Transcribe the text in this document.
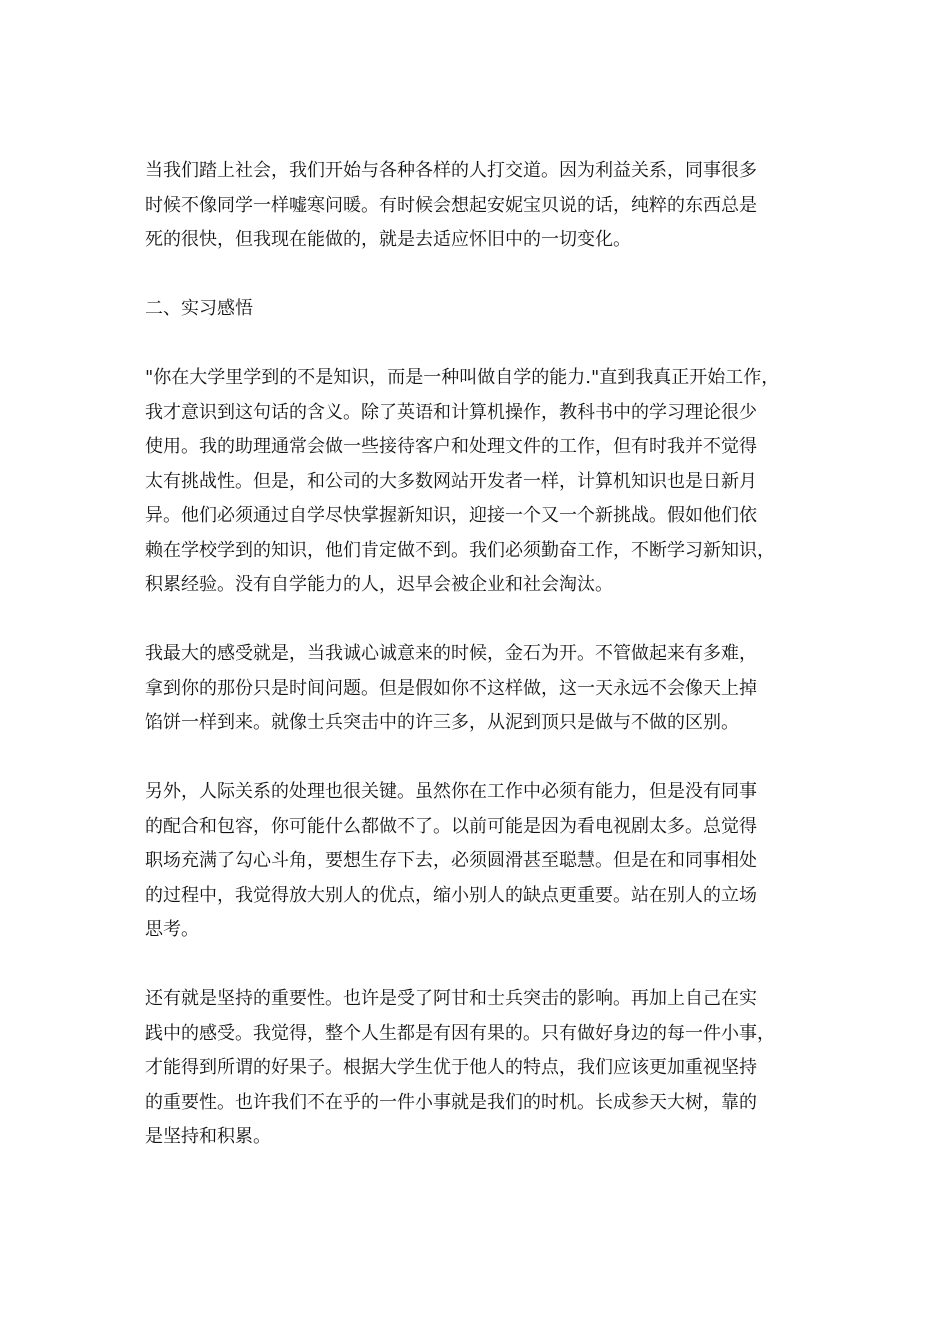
当我们踏上社会，我们开始与各种各样的人打交道。因为利益关系，同事很多
时候不像同学一样嘘寒问暖。有时候会想起安妮宝贝说的话，纯粹的东西总是
死的很快，但我现在能做的，就是去适应怀旧中的一切变化。
二、实习感悟
"你在大学里学到的不是知识，而是一种叫做自学的能力."直到我真正开始工作，
我才意识到这句话的含义。除了英语和计算机操作，教科书中的学习理论很少
使用。我的助理通常会做一些接待客户和处理文件的工作，但有时我并不觉得
太有挑战性。但是，和公司的大多数网站开发者一样，计算机知识也是日新月
异。他们必须通过自学尽快掌握新知识，迎接一个又一个新挑战。假如他们依
赖在学校学到的知识，他们肯定做不到。我们必须勤奋工作，不断学习新知识，
积累经验。没有自学能力的人，迟早会被企业和社会淘汰。
我最大的感受就是，当我诚心诚意来的时候，金石为开。不管做起来有多难，
拿到你的那份只是时间问题。但是假如你不这样做，这一天永远不会像天上掉
馅饼一样到来。就像士兵突击中的许三多，从泥到顶只是做与不做的区别。
另外，人际关系的处理也很关键。虽然你在工作中必须有能力，但是没有同事
的配合和包容，你可能什么都做不了。以前可能是因为看电视剧太多。总觉得
职场充满了勾心斗角，要想生存下去，必须圆滑甚至聪慧。但是在和同事相处
的过程中，我觉得放大别人的优点，缩小别人的缺点更重要。站在别人的立场
思考。
还有就是坚持的重要性。也许是受了阿甘和士兵突击的影响。再加上自己在实
践中的感受。我觉得，整个人生都是有因有果的。只有做好身边的每一件小事，
才能得到所谓的好果子。根据大学生优于他人的特点，我们应该更加重视坚持
的重要性。也许我们不在乎的一件小事就是我们的时机。长成参天大树，靠的
是坚持和积累。
